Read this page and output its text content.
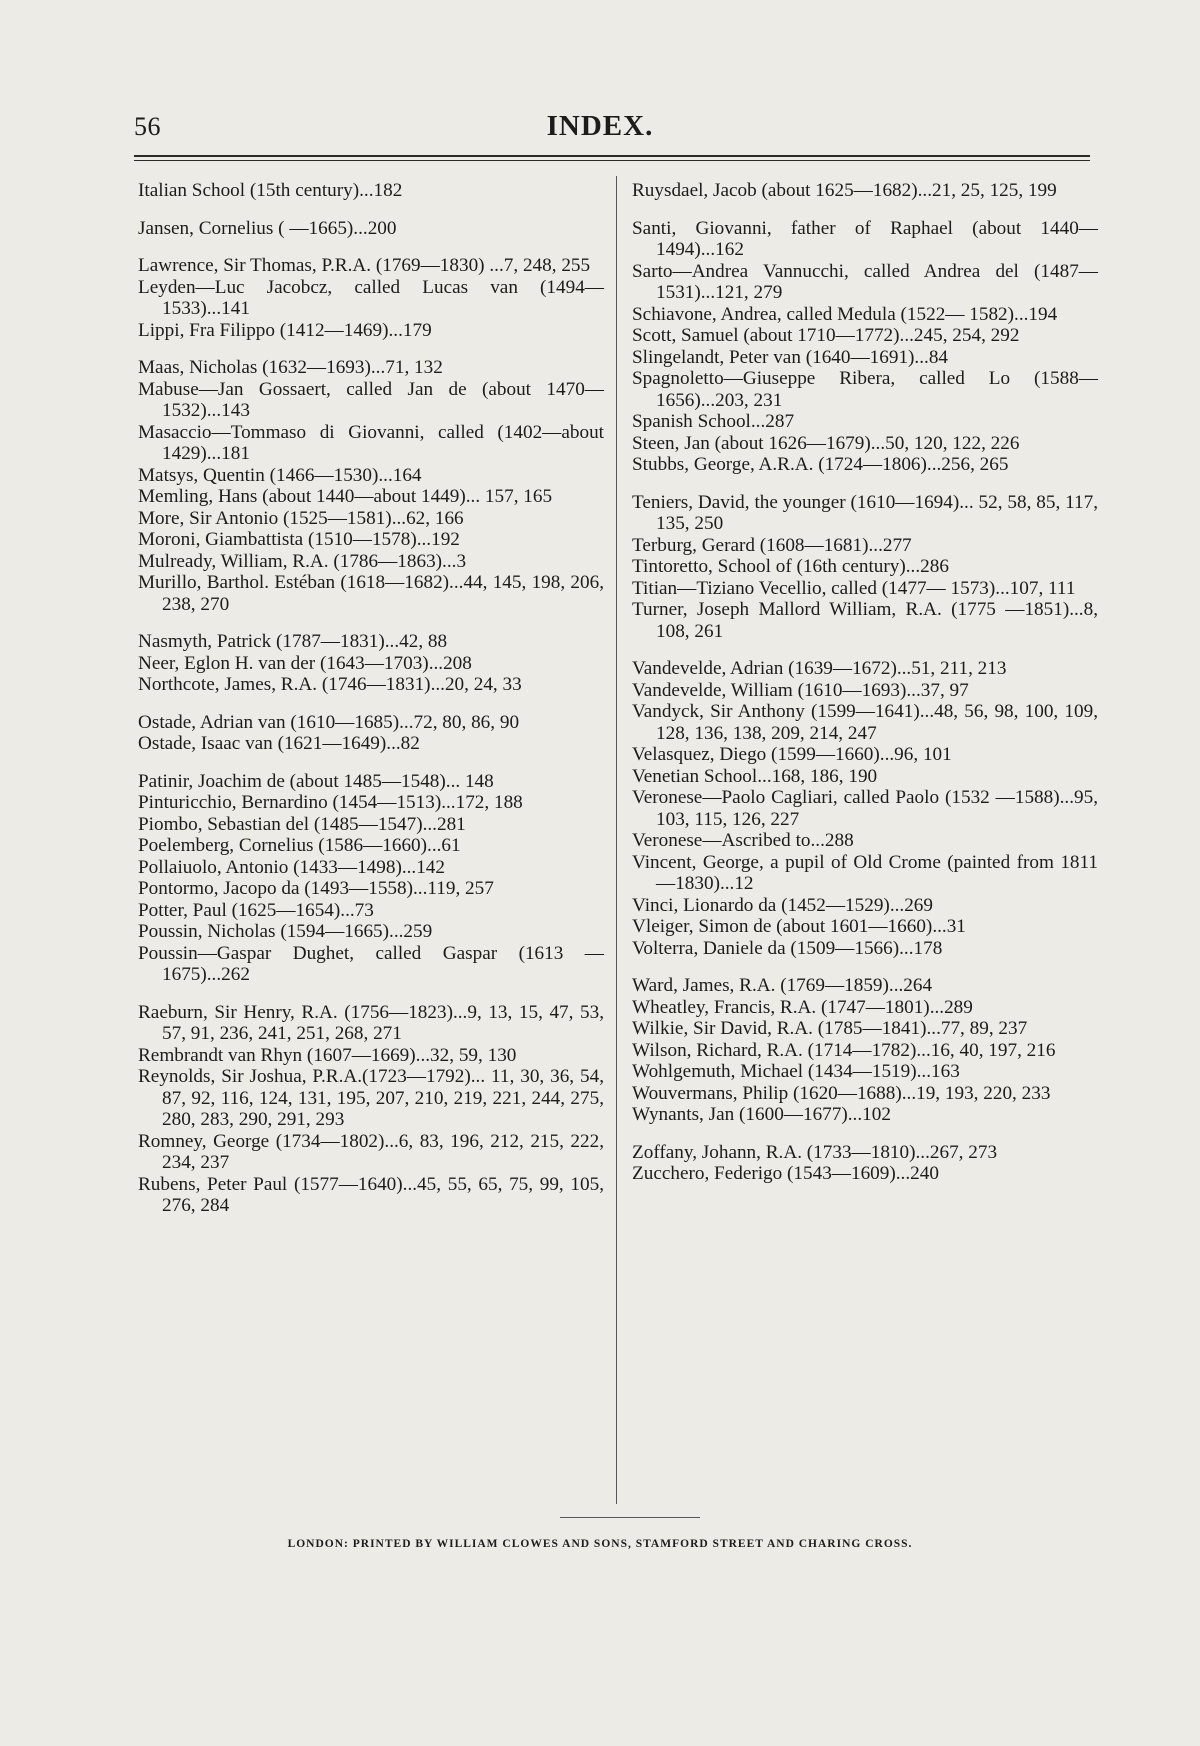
56	INDEX.

Italian School (15th century)...182

Jansen, Cornelius ( —1665)...200

Lawrence, Sir Thomas, P.R.A. (1769—1830) ...7, 248, 255

Leyden—Luc Jacobcz, called Lucas van (1494—1533)...141

Lippi, Fra Filippo (1412—1469)...179

Maas, Nicholas (1632—1693)...71, 132

Mabuse—Jan Gossaert, called Jan de (about 1470—1532)...143

Masaccio—Tommaso di Giovanni, called (1402—about 1429)...181

Matsys, Quentin (1466—1530)...164

Memling, Hans (about 1440—about 1449)... 157, 165

More, Sir Antonio (1525—1581)...62, 166

Moroni, Giambattista (1510—1578)...192

Mulready, William, R.A. (1786—1863)...3

Murillo, Barthol. Estéban (1618—1682)...44, 145, 198, 206, 238, 270

Nasmyth, Patrick (1787—1831)...42, 88

Neer, Eglon H. van der (1643—1703)...208

Northcote, James, R.A. (1746—1831)...20, 24, 33

Ostade, Adrian van (1610—1685)...72, 80, 86, 90

Ostade, Isaac van (1621—1649)...82

Patinir, Joachim de (about 1485—1548)... 148

Pinturicchio, Bernardino (1454—1513)...172, 188

Piombo, Sebastian del (1485—1547)...281

Poelemberg, Cornelius (1586—1660)...61

Pollaiuolo, Antonio (1433—1498)...142

Pontormo, Jacopo da (1493—1558)...119, 257

Potter, Paul (1625—1654)...73

Poussin, Nicholas (1594—1665)...259

Poussin—Gaspar Dughet, called Gaspar (1613 —1675)...262

Raeburn, Sir Henry, R.A. (1756—1823)...9, 13, 15, 47, 53, 57, 91, 236, 241, 251, 268, 271

Rembrandt van Rhyn (1607—1669)...32, 59, 130

Reynolds, Sir Joshua, P.R.A.(1723—1792)... 11, 30, 36, 54, 87, 92, 116, 124, 131, 195, 207, 210, 219, 221, 244, 275, 280, 283, 290, 291, 293

Romney, George (1734—1802)...6, 83, 196, 212, 215, 222, 234, 237

Rubens, Peter Paul (1577—1640)...45, 55, 65, 75, 99, 105, 276, 284

Ruysdael, Jacob (about 1625—1682)...21, 25, 125, 199

Santi, Giovanni, father of Raphael (about 1440—1494)...162

Sarto—Andrea Vannucchi, called Andrea del (1487—1531)...121, 279

Schiavone, Andrea, called Medula (1522— 1582)...194

Scott, Samuel (about 1710—1772)...245, 254, 292

Slingelandt, Peter van (1640—1691)...84

Spagnoletto—Giuseppe Ribera, called Lo (1588—1656)...203, 231

Spanish School...287

Steen, Jan (about 1626—1679)...50, 120, 122, 226

Stubbs, George, A.R.A. (1724—1806)...256, 265

Teniers, David, the younger (1610—1694)... 52, 58, 85, 117, 135, 250

Terburg, Gerard (1608—1681)...277

Tintoretto, School of (16th century)...286

Titian—Tiziano Vecellio, called (1477— 1573)...107, 111

Turner, Joseph Mallord William, R.A. (1775 —1851)...8, 108, 261

Vandevelde, Adrian (1639—1672)...51, 211, 213

Vandevelde, William (1610—1693)...37, 97

Vandyck, Sir Anthony (1599—1641)...48, 56, 98, 100, 109, 128, 136, 138, 209, 214, 247

Velasquez, Diego (1599—1660)...96, 101

Venetian School...168, 186, 190

Veronese—Paolo Cagliari, called Paolo (1532 —1588)...95, 103, 115, 126, 227

Veronese—Ascribed to...288

Vincent, George, a pupil of Old Crome (painted from 1811—1830)...12

Vinci, Lionardo da (1452—1529)...269

Vleiger, Simon de (about 1601—1660)...31

Volterra, Daniele da (1509—1566)...178

Ward, James, R.A. (1769—1859)...264

Wheatley, Francis, R.A. (1747—1801)...289

Wilkie, Sir David, R.A. (1785—1841)...77, 89, 237

Wilson, Richard, R.A. (1714—1782)...16, 40, 197, 216

Wohlgemuth, Michael (1434—1519)...163

Wouvermans, Philip (1620—1688)...19, 193, 220, 233

Wynants, Jan (1600—1677)...102

Zoffany, Johann, R.A. (1733—1810)...267, 273

Zucchero, Federigo (1543—1609)...240

LONDON: PRINTED BY WILLIAM CLOWES AND SONS, STAMFORD STREET AND CHARING CROSS.
